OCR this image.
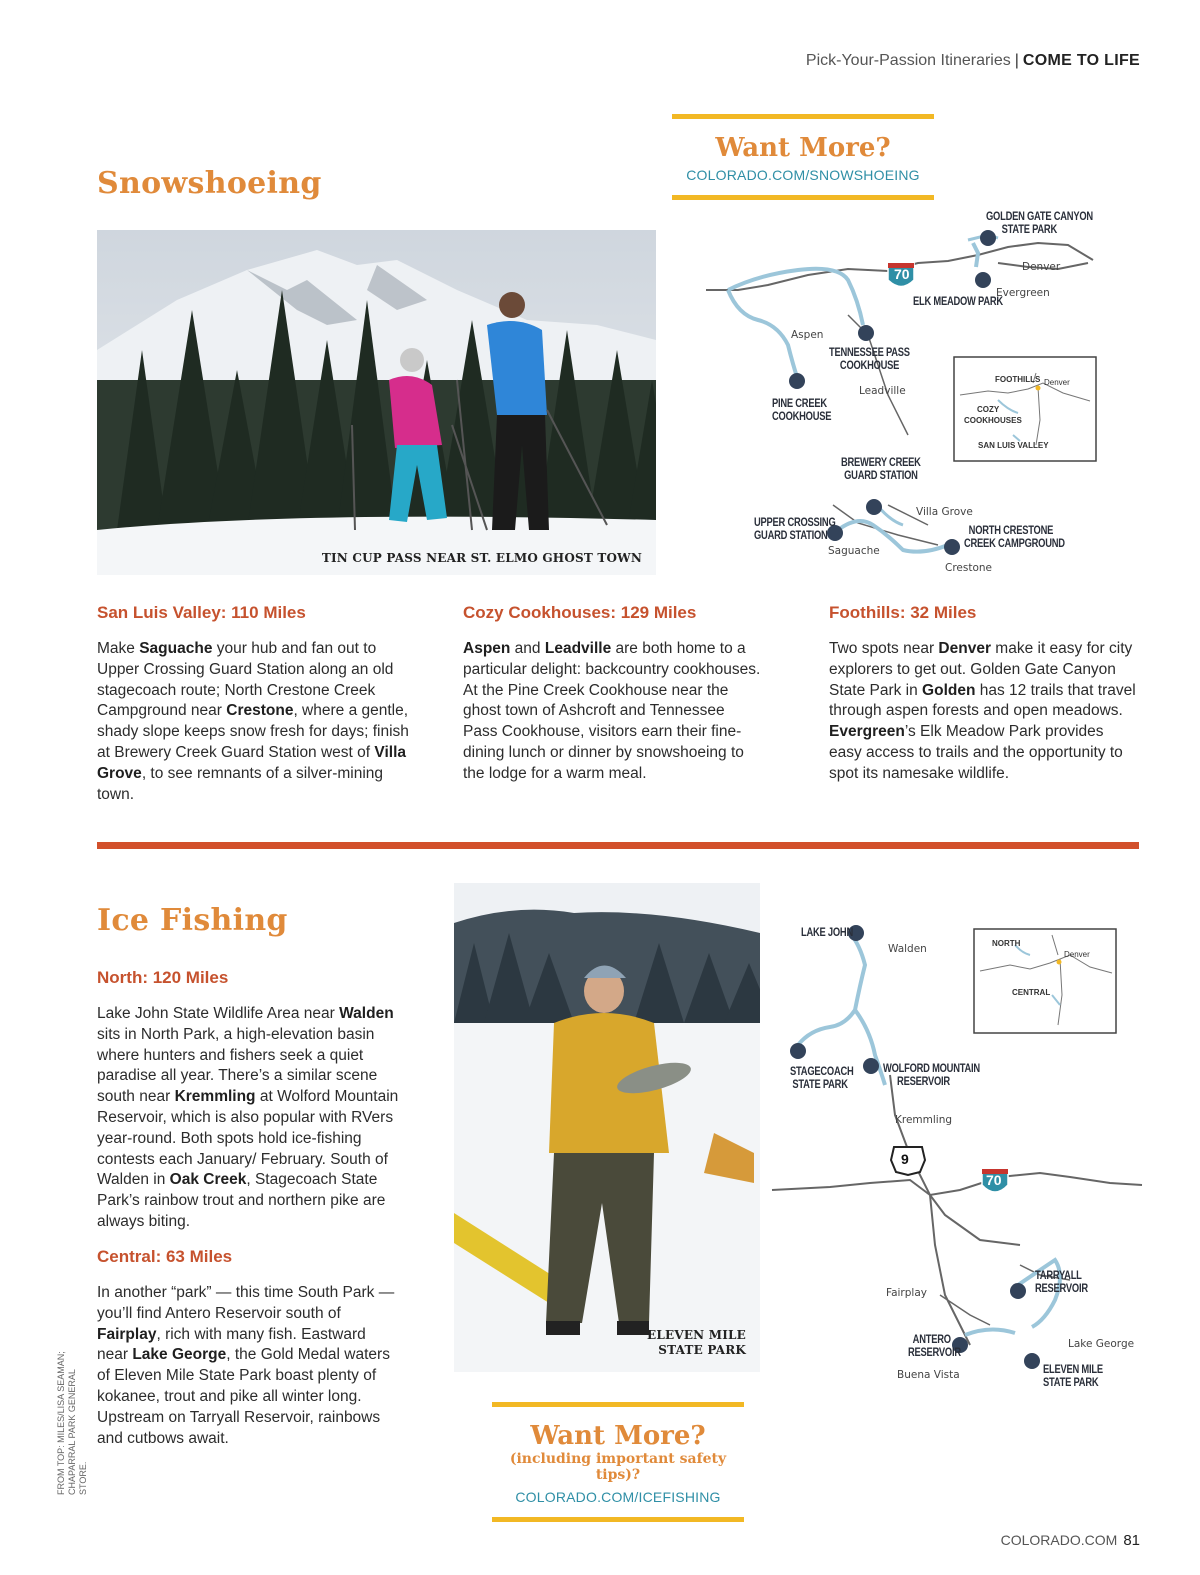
Pick-Your-Passion Itineraries | COME TO LIFE
Snowshoeing
Want More?
COLORADO.COM/SNOWSHOEING
TIN CUP PASS NEAR ST. ELMO GHOST TOWN
70
GOLDEN GATE CANYON
STATE PARK
ELK MEADOW PARK
TENNESSEE PASS
COOKHOUSE
PINE CREEK
COOKHOUSE
BREWERY CREEK
GUARD STATION
UPPER CROSSING
GUARD STATION	NORTH CRESTONE
CREEK CAMPGROUND
Denver
Evergreen
Aspen
Leadville
Villa Grove
Saguache
Crestone
FOOTHILLS Denver
COZY
COOKHOUSES
SAN LUIS VALLEY
San Luis Valley: 110 Miles
Make Saguache your hub and fan out to Upper Crossing Guard Station along an old stagecoach route; North Crestone Creek Campground near Crestone, where a gentle, shady slope keeps snow fresh for days; finish at Brewery Creek Guard Station west of Villa Grove, to see remnants of a silver-mining town.
Cozy Cookhouses: 129 Miles
Aspen and Leadville are both home to a particular delight: backcountry cookhouses. At the Pine Creek Cookhouse near the ghost town of Ashcroft and Tennessee Pass Cookhouse, visitors earn their fine-dining lunch or dinner by snowshoeing to the lodge for a warm meal.
Foothills: 32 Miles
Two spots near Denver make it easy for city explorers to get out. Golden Gate Canyon State Park in Golden has 12 trails that travel through aspen forests and open meadows. Evergreen’s Elk Meadow Park provides easy access to trails and the opportunity to spot its namesake wildlife.
Ice Fishing
North: 120 Miles
Lake John State Wildlife Area near Walden sits in North Park, a high-elevation basin where hunters and fishers seek a quiet paradise all year. There’s a similar scene south near Kremmling at Wolford Mountain Reservoir, which is also popular with RVers year-round. Both spots hold ice-fishing contests each January/ February. South of Walden in Oak Creek, Stagecoach State Park’s rainbow trout and northern pike are always biting.
Central: 63 Miles
In another “park” — this time South Park — you’ll find Antero Reservoir south of Fairplay, rich with many fish. Eastward near Lake George, the Gold Medal waters of Eleven Mile State Park boast plenty of kokanee, trout and pike all winter long. Upstream on Tarryall Reservoir, rainbows and cutbows await.
ELEVEN MILE
STATE PARK
9
70
LAKE JOHN
STAGECOACH
STATE PARK
WOLFORD MOUNTAIN
RESERVOIR
TARRYALL
RESERVOIR
ANTERO
RESERVOIR
ELEVEN MILE
STATE PARK
Walden
Kremmling
Fairplay
Lake George
Buena Vista
NORTH
Denver
CENTRAL
Want More?
(including important safety tips)?
COLORADO.COM/ICEFISHING
FROM TOP: MILES/LISA SEAMAN;
CHAPARRAL PARK GENERAL STORE.
COLORADO.COM 81
